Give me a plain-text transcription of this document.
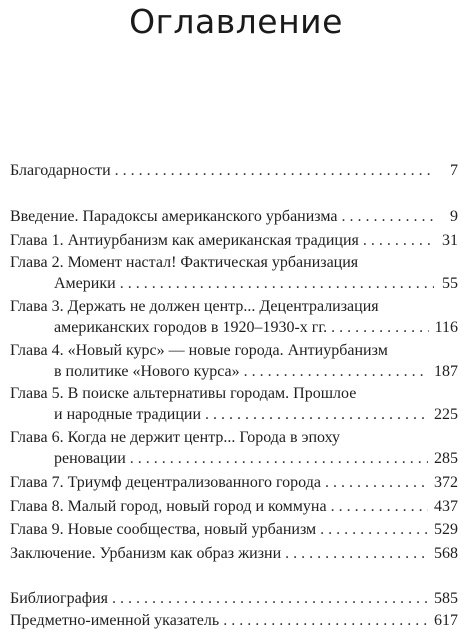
Оглавление
Благодарности . . .	7
Введение. Парадоксы американского урбанизма . . .	9
Глава 1. Антиурбанизм как американская традиция . . .	31
Глава 2. Момент настал! Фактическая урбанизация
Америки . . .	55
Глава 3. Держать не должен центр... Децентрализация
американских городов в 1920–1930-х гг. . . .	116
Глава 4. «Новый курс» — новые города. Антиурбанизм
в политике «Нового курса» . . .	187
Глава 5. В поиске альтернативы городам. Прошлое
и народные традиции . . .	225
Глава 6. Когда не держит центр... Города в эпоху
реновации . . .	285
Глава 7. Триумф децентрализованного города . . .	372
Глава 8. Малый город, новый город и коммуна . . .	437
Глава 9. Новые сообщества, новый урбанизм . . .	529
Заключение. Урбанизм как образ жизни . . .	568
Библиография . . .	585
Предметно-именной указатель . . .	617
